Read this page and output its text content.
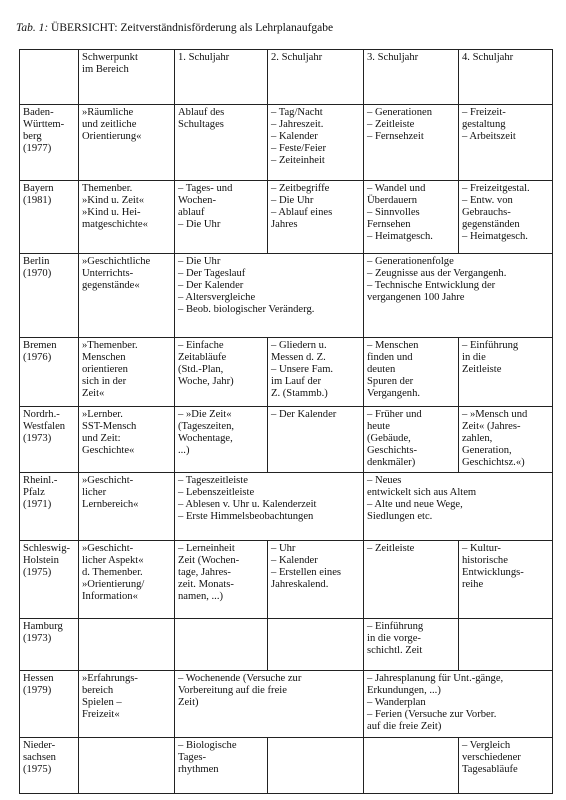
Tab. 1: ÜBERSICHT: Zeitverständnisförderung als Lehrplanaufgabe

	Schwerpunkt
im Bereich	1. Schuljahr	2. Schuljahr	3. Schuljahr	4. Schuljahr

Baden-
Württem-
berg
(1977)	»Räumliche
und zeitliche
Orientierung«	Ablauf des
Schultages	– Tag/Nacht
– Jahreszeit.
– Kalender
– Feste/Feier
– Zeiteinheit	– Generationen
– Zeitleiste
– Fernsehzeit	– Freizeit-
gestaltung
– Arbeitszeit

Bayern
(1981)	Themenber.
»Kind u. Zeit«
»Kind u. Hei-
matgeschichte«	– Tages- und
Wochen-
ablauf
– Die Uhr	– Zeitbegriffe
– Die Uhr
– Ablauf eines
Jahres	– Wandel und
Überdauern
– Sinnvolles
Fernsehen
– Heimatgesch.	– Freizeitgestal.
– Entw. von
Gebrauchs-
gegenständen
– Heimatgesch.

Berlin
(1970)	»Geschichtliche
Unterrichts-
gegenstände«	– Die Uhr
– Der Tageslauf
– Der Kalender
– Altersvergleiche
– Beob. biologischer Veränderg.		– Generationenfolge
– Zeugnisse aus der Vergangenh.
– Technische Entwicklung der
vergangenen 100 Jahre	

Bremen
(1976)	»Themenber.
Menschen
orientieren
sich in der
Zeit«	– Einfache
Zeitabläufe
(Std.-Plan,
Woche, Jahr)	– Gliedern u.
Messen d. Z.
– Unsere Fam.
im Lauf der
Z. (Stammb.)	– Menschen
finden und
deuten
Spuren der
Vergangenh.	– Einführung
in die
Zeitleiste

Nordrh.-
Westfalen
(1973)	»Lernber.
SST-Mensch
und Zeit:
Geschichte«	– »Die Zeit«
(Tageszeiten,
Wochentage,
...)	– Der Kalender	– Früher und
heute
(Gebäude,
Geschichts-
denkmäler)	– »Mensch und
Zeit« (Jahres-
zahlen,
Generation,
Geschichtsz.«)

Rheinl.-
Pfalz
(1971)	»Geschicht-
licher
Lernbereich«	– Tageszeitleiste
– Lebenszeitleiste
– Ablesen v. Uhr u. Kalenderzeit
– Erste Himmelsbeobachtungen		– Neues
entwickelt sich aus Altem
– Alte und neue Wege,
Siedlungen etc.	

Schleswig-
Holstein
(1975)	»Geschicht-
licher Aspekt«
d. Themenber.
»Orientierung/
Information«	– Lerneinheit
Zeit (Wochen-
tage, Jahres-
zeit. Monats-
namen, ...)	– Uhr
– Kalender
– Erstellen eines
Jahreskalend.	– Zeitleiste	– Kultur-
historische
Entwicklungs-
reihe

Hamburg
(1973)				– Einführung
in die vorge-
schichtl. Zeit	

Hessen
(1979)	»Erfahrungs-
bereich
Spielen –
Freizeit«	– Wochenende (Versuche zur
Vorbereitung auf die freie
Zeit)		– Jahresplanung für Unt.-gänge,
Erkundungen, ...)
– Wanderplan
– Ferien (Versuche zur Vorber.
auf die freie Zeit)	

Nieder-
sachsen
(1975)		– Biologische
Tages-
rhythmen			– Vergleich
verschiedener
Tagesabläufe
